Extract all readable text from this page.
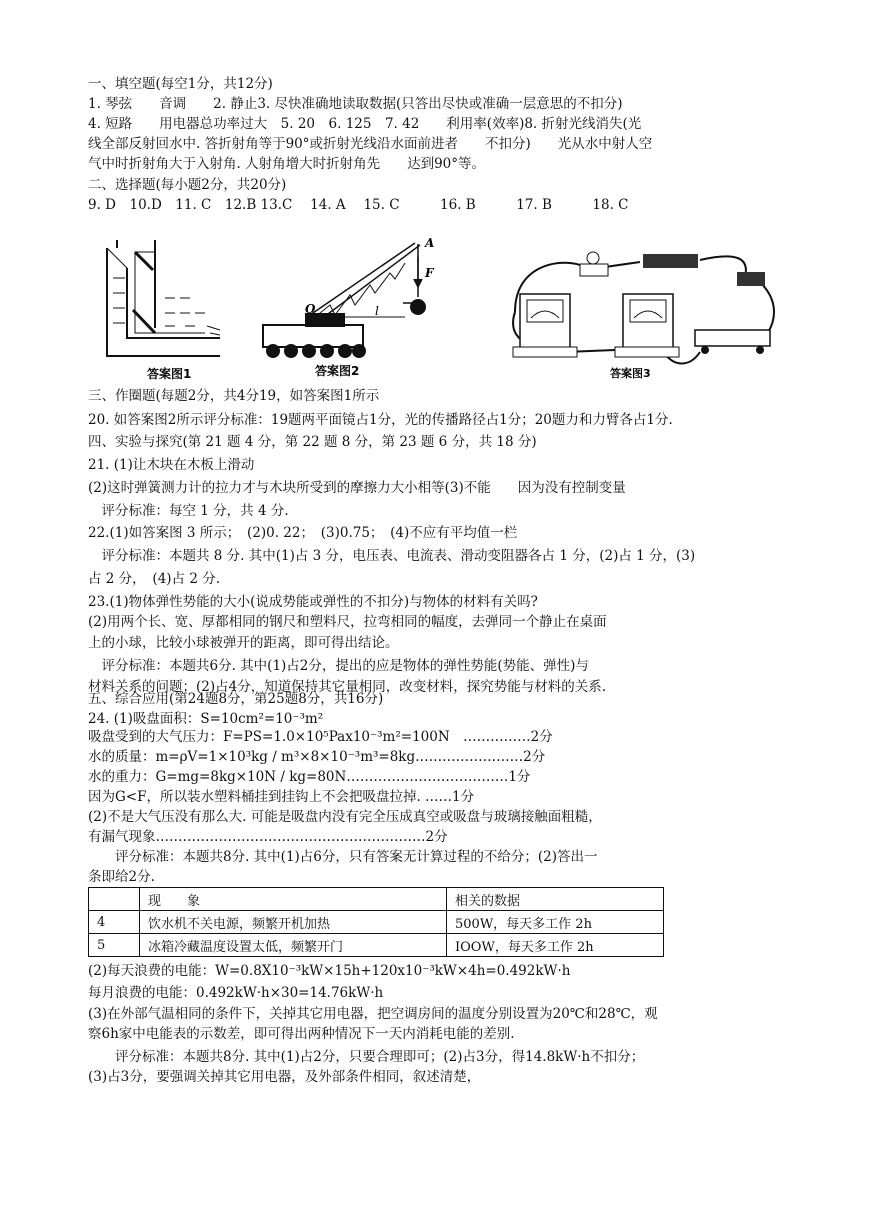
一、填空题(每空1分，共12分)
1. 琴弦　　音调　　2. 静止3. 尽快准确地读取数据(只答出尽快或准确一层意思的不扣分)
4. 短路　　用电器总功率过大　5. 20　6. 125　7. 42　　利用率(效率)8. 折射光线消失(光
线全部反射回水中. 答折射角等于90°或折射光线沿水面前进者　　不扣分)　　光从水中射人空
气中时折射角大于入射角. 人射角增大时折射角先　　达到90°等。
二、选择题(每小题2分，共20分)
9. D　10.D　11. C　12.B 13.C　 14. A　 15. C　　　16. B　　　17. B　　　18. C
答案图1
A
F
O	l
答案图2	答案图3
三、作圈题(每题2分，共4分19，如答案图1所示
20. 如答案图2所示评分标准：19题两平面镜占1分，光的传播路径占1分；20题力和力臂各占1分.
四、实验与探究(第 21 题 4 分，第 22 题 8 分，第 23 题 6 分，共 18 分)
21. (1)让木块在木板上滑动
(2)这时弹簧测力计的拉力才与木块所受到的摩擦力大小相等(3)不能　　因为没有控制变量
　评分标准：每空 1 分，共 4 分.
22.(1)如答案图 3 所示；　(2)0. 22；　(3)0.75；　(4)不应有平均值一栏
　评分标准：本题共 8 分. 其中(1)占 3 分，电压表、电流表、滑动变阻器各占 1 分，(2)占 1 分，(3)
占 2 分，　(4)占 2 分.
23.(1)物体弹性势能的大小(说成势能或弹性的不扣分)与物体的材料有关吗?
(2)用两个长、宽、厚都相同的钢尺和塑料尺，拉弯相同的幅度，去弹同一个静止在桌面
上的小球，比较小球被弹开的距离，即可得出结论。
　评分标准：本题共6分. 其中(1)占2分，提出的应是物体的弹性势能(势能、弹性)与
材料关系的问题；(2)占4分，知道保持其它量相同，改变材料，探究势能与材料的关系.
五、综合应用(第24题8分，第25题8分，共16分)
24. (1)吸盘面积：S=10cm²=10⁻³m²
吸盘受到的大气压力：F=PS=1.0×10⁵Pax10⁻³m²=100N　……………2分
水的质量：m=ρV=1×10³kg / m³×8×10⁻³m³=8kg……………………2分
水的重力：G=mg=8kg×10N / kg=80N………………………………1分
因为G<F，所以装水塑料桶挂到挂钩上不会把吸盘拉掉. ……1分
(2)不是大气压没有那么大. 可能是吸盘内没有完全压成真空或吸盘与玻璃接触面粗糙，
有漏气现象……………………………………………………2分
　　评分标准：本题共8分. 其中(1)占6分，只有答案无计算过程的不给分；(2)答出一
条即给2分.
	现　　象	相关的数据
4	饮水机不关电源，频繁开机加热	500W，每天多工作 2h
5	冰箱冷藏温度设置太低，频繁开门	IOOW，每天多工作 2h
(2)每天浪费的电能：W=0.8X10⁻³kW×15h+120x10⁻³kW×4h=0.492kW·h
每月浪费的电能：0.492kW·h×30=14.76kW·h
(3)在外部气温相同的条件下，关掉其它用电器，把空调房间的温度分别设置为20℃和28℃，观
察6h家中电能表的示数差，即可得出两种情况下一天内消耗电能的差别.
　　评分标准：本题共8分. 其中(1)占2分，只要合理即可；(2)占3分，得14.8kW·h不扣分；
(3)占3分，要强调关掉其它用电器，及外部条件相同，叙述清楚，
